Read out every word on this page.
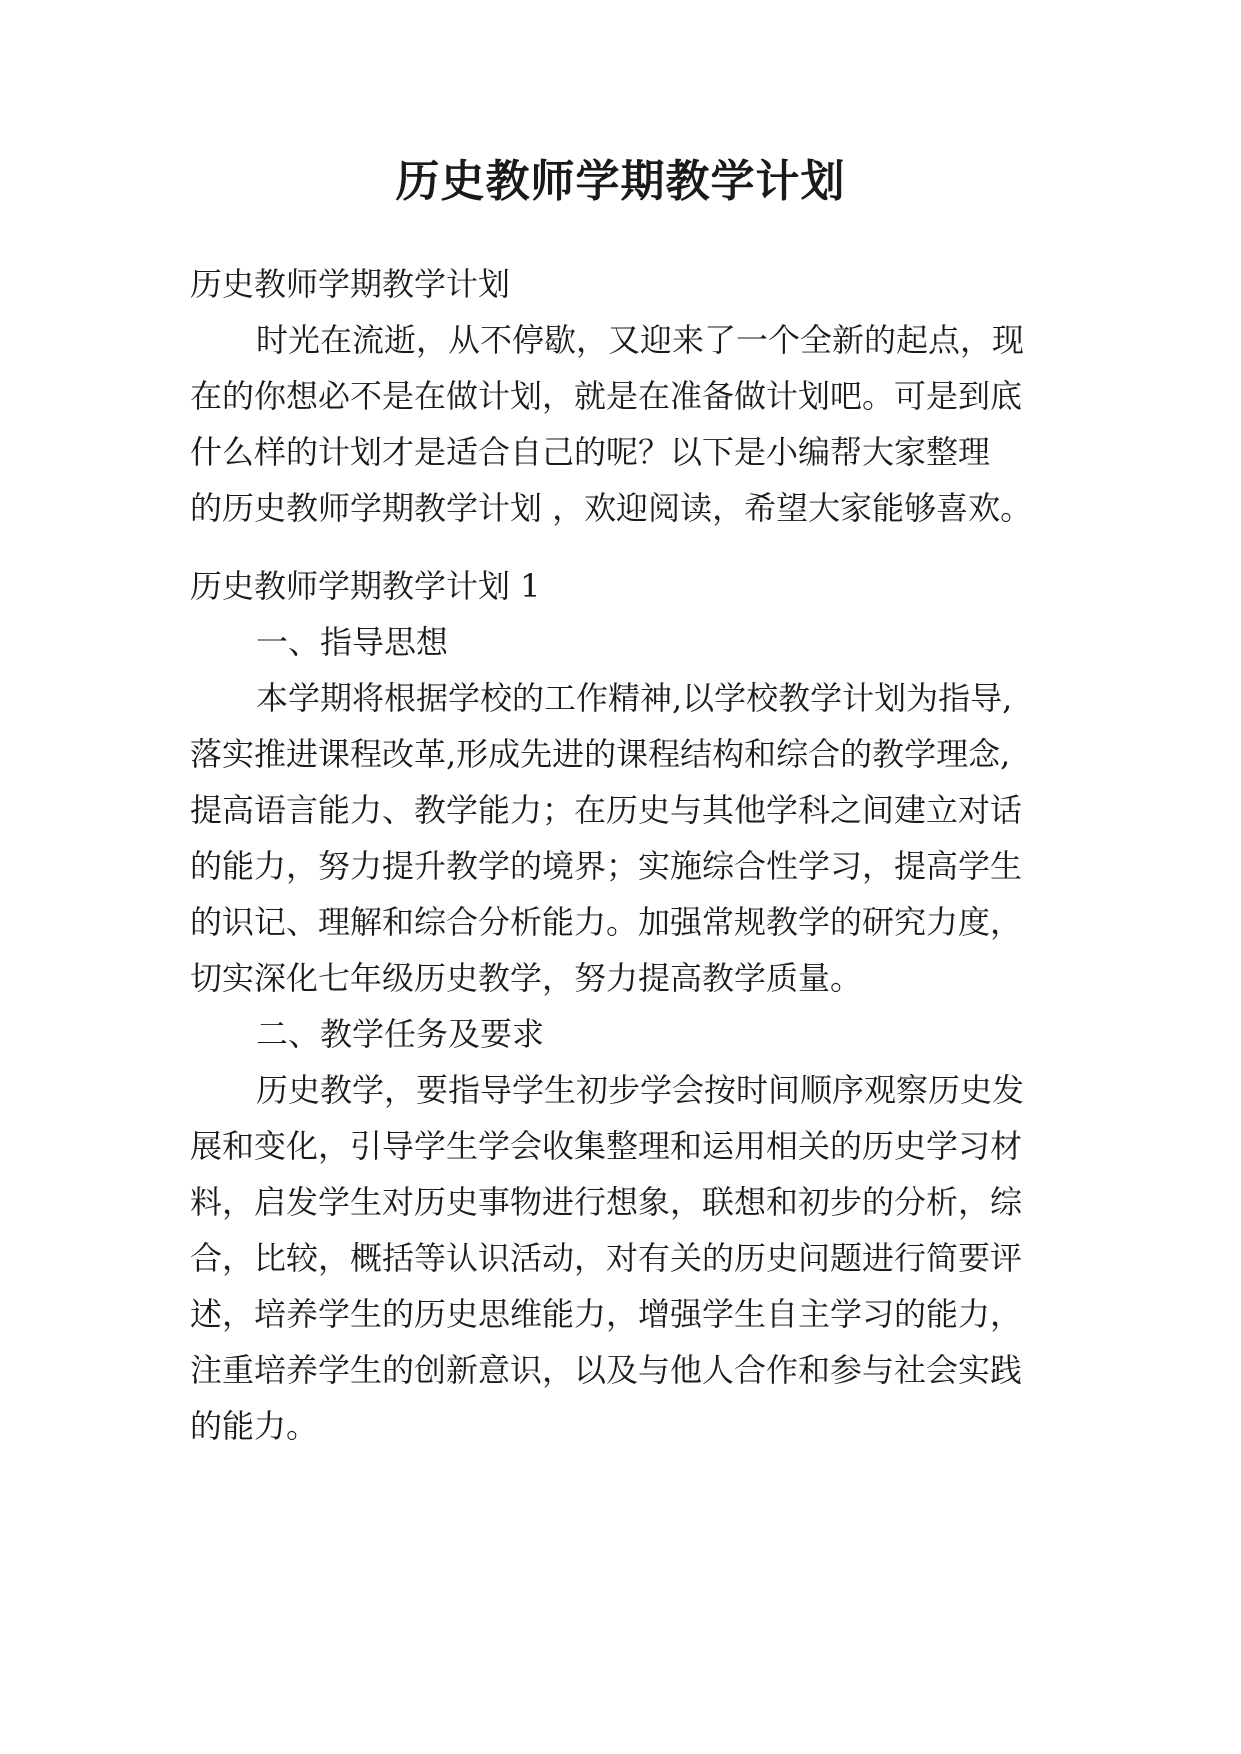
历史教师学期教学计划
历史教师学期教学计划
时光在流逝，从不停歇，又迎来了一个全新的起点，现
在的你想必不是在做计划，就是在准备做计划吧。可是到底
什么样的计划才是适合自己的呢？以下是小编帮大家整理
的历史教师学期教学计划 ，欢迎阅读，希望大家能够喜欢。
历史教师学期教学计划 1
一、指导思想
本学期将根据学校的工作精神,以学校教学计划为指导,
落实推进课程改革,形成先进的课程结构和综合的教学理念,
提高语言能力、教学能力；在历史与其他学科之间建立对话
的能力，努力提升教学的境界；实施综合性学习，提高学生
的识记、理解和综合分析能力。加强常规教学的研究力度，
切实深化七年级历史教学，努力提高教学质量。
二、教学任务及要求
历史教学，要指导学生初步学会按时间顺序观察历史发
展和变化，引导学生学会收集整理和运用相关的历史学习材
料，启发学生对历史事物进行想象，联想和初步的分析，综
合，比较，概括等认识活动，对有关的历史问题进行简要评
述，培养学生的历史思维能力，增强学生自主学习的能力，
注重培养学生的创新意识，以及与他人合作和参与社会实践
的能力。
